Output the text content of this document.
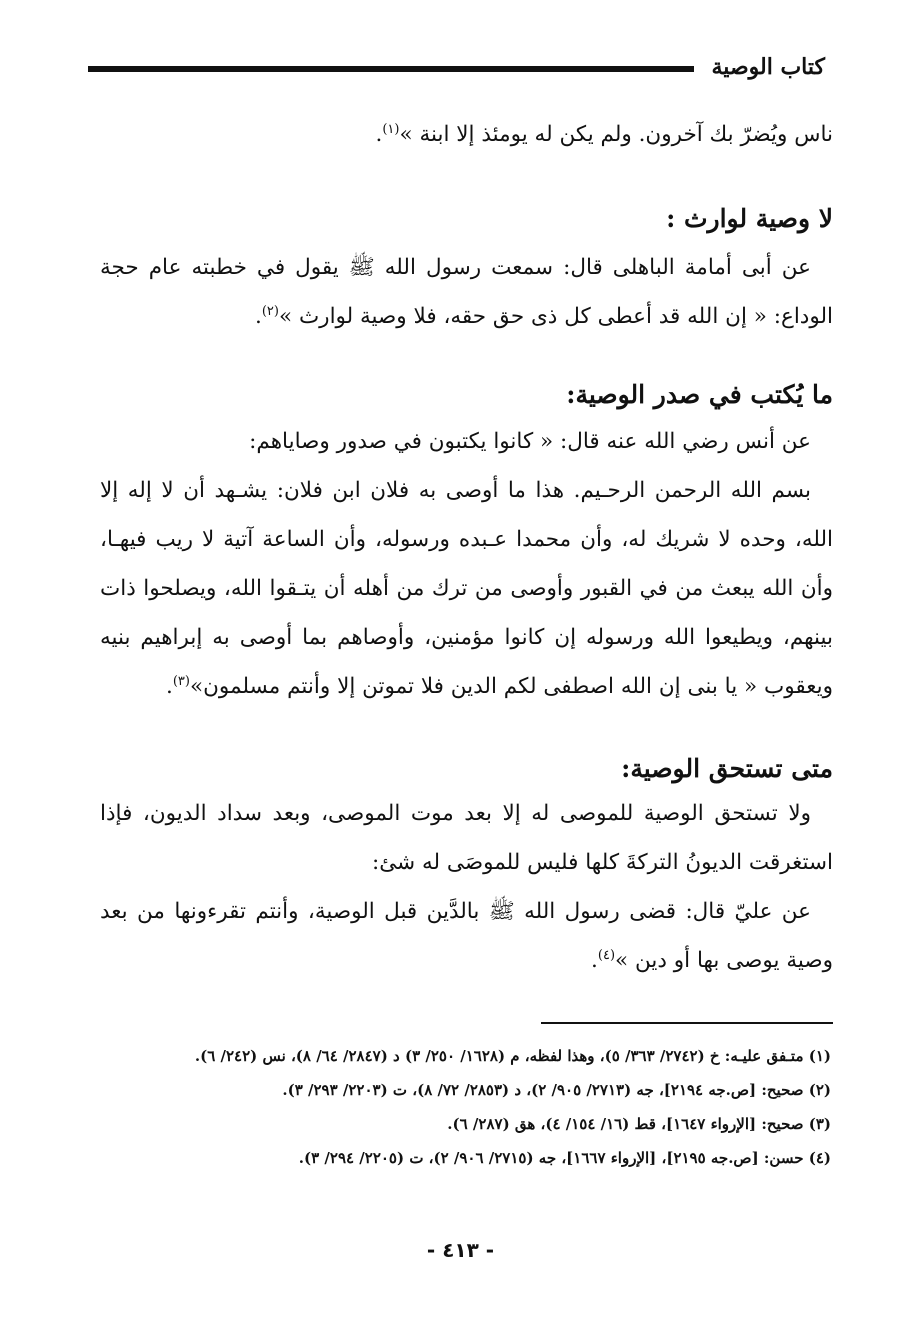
كتاب الوصية

ناس ويُضرّ بك آخرون. ولم يكن له يومئذ إلا ابنة »$^{(١)}$.

لا وصية لوارث :

عن أبى أمامة الباهلى قال: سمعت رسول الله ﷺ يقول في خطبته عام حجة الوداع: « إن الله قد أعطى كل ذى حق حقه، فلا وصية لوارث »$^{(٢)}$.

ما يُكتب في صدر الوصية:

عن أنس رضي الله عنه قال: « كانوا يكتبون في صدور وصاياهم:

بسم الله الرحمن الرحـيم. هذا ما أوصى به فلان ابن فلان: يشـهد أن لا إله إلا الله، وحده لا شريك له، وأن محمدا عـبده ورسوله، وأن الساعة آتية لا ريب فيهـا، وأن الله يبعث من في القبور وأوصى من ترك من أهله أن يتـقوا الله، ويصلحوا ذات بينهم، ويطيعوا الله ورسوله إن كانوا مؤمنين، وأوصاهم بما أوصى به إبراهيم بنيه ويعقوب « يا بنى إن الله اصطفى لكم الدين فلا تموتن إلا وأنتم مسلمون»$^{(٣)}$.

متى تستحق الوصية:

ولا تستحق الوصية للموصى له إلا بعد موت الموصى، وبعد سداد الديون، فإذا استغرقت الديونُ التركةَ كلها فليس للموصَى له شئ:

عن عليّ قال: قضى رسول الله ﷺ بالدَّين قبل الوصية، وأنتم تقرءونها من بعد وصية يوصى بها أو دين »$^{(٤)}$.

(١) متـفق عليـه: خ (٢٧٤٢/ ٣٦٣/ ٥)، وهذا لفظه، م (١٦٢٨/ ٢٥٠/ ٣) د (٢٨٤٧/ ٦٤/ ٨)، نس (٢٤٢/ ٦).

(٢) صحيح: [ص.جه ٢١٩٤]، جه (٢٧١٣/ ٩٠٥/ ٢)، د (٢٨٥٣/ ٧٢/ ٨)، ت (٢٢٠٣/ ٢٩٣/ ٣).

(٣) صحيح: [الإرواء ١٦٤٧]، قط (١٦/ ١٥٤/ ٤)، هق (٢٨٧/ ٦).

(٤) حسن: [ص.جه ٢١٩٥]، [الإرواء ١٦٦٧]، جه (٢٧١٥/ ٩٠٦/ ٢)، ت (٢٢٠٥/ ٢٩٤/ ٣).

- ٤١٣ -
